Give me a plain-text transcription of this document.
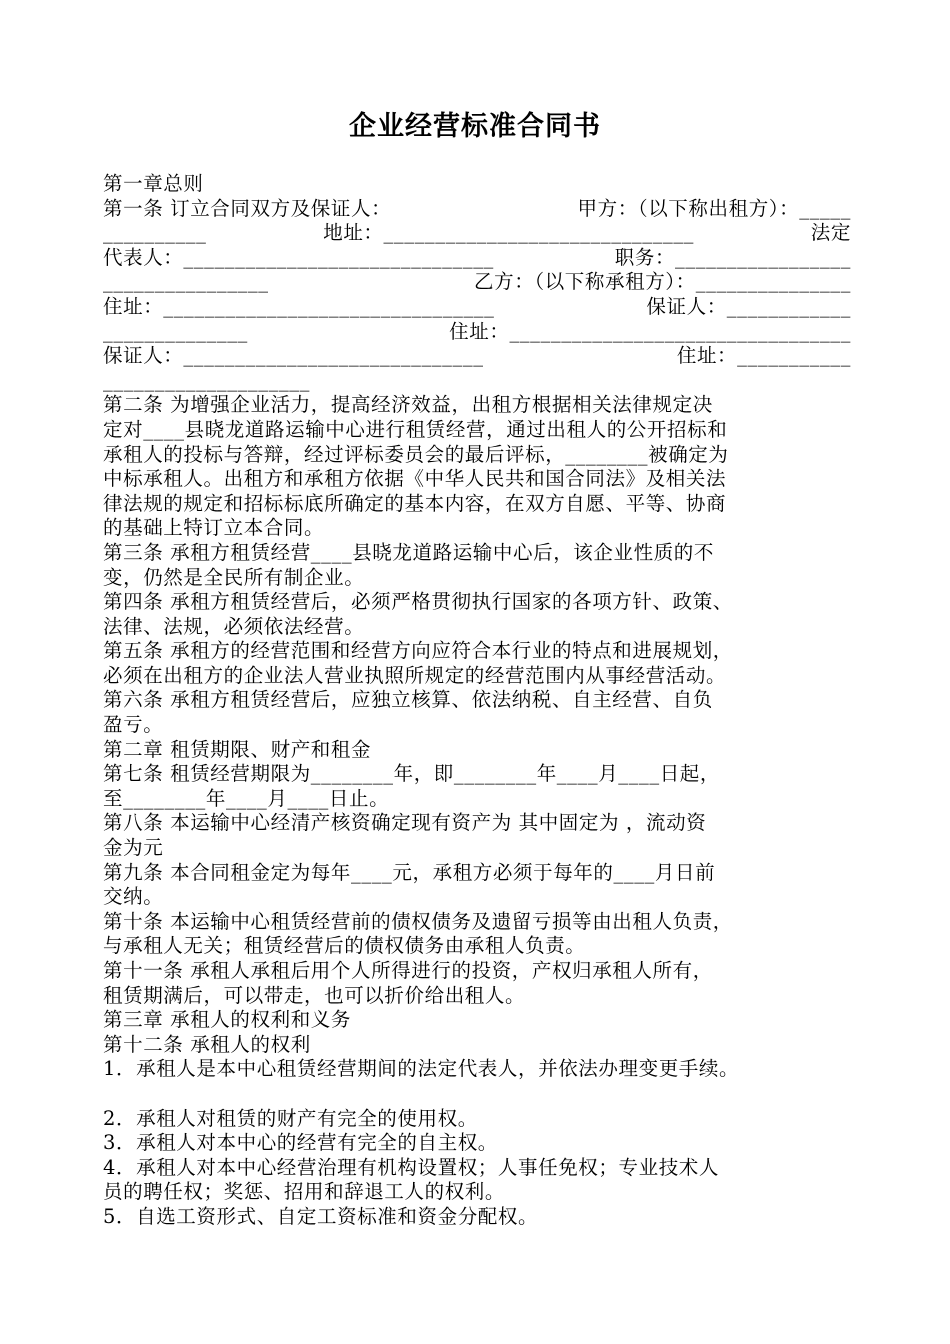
企业经营标准合同书
第一章总则
第一条 订立合同双方及保证人：	甲方：（以下称出租方）：_____
__________	地址：______________________________	法定
代表人：______________________________	职务：_________________
________________	乙方：（以下称承租方）：_______________
住址：________________________________	保证人：____________
______________	住址：_________________________________
保证人：_____________________________	住址：___________
____________________
第二条 为增强企业活力，提高经济效益，出租方根据相关法律规定决
定对____县晓龙道路运输中心进行租赁经营，通过出租人的公开招标和
承租人的投标与答辩，经过评标委员会的最后评标，________被确定为
中标承租人。出租方和承租方依据《中华人民共和国合同法》及相关法
律法规的规定和招标标底所确定的基本内容，在双方自愿、平等、协商
的基础上特订立本合同。
第三条 承租方租赁经营____县晓龙道路运输中心后，该企业性质的不
变，仍然是全民所有制企业。
第四条 承租方租赁经营后，必须严格贯彻执行国家的各项方针、政策、
法律、法规，必须依法经营。
第五条 承租方的经营范围和经营方向应符合本行业的特点和进展规划，
必须在出租方的企业法人营业执照所规定的经营范围内从事经营活动。
第六条 承租方租赁经营后，应独立核算、依法纳税、自主经营、自负
盈亏。
第二章 租赁期限、财产和租金
第七条 租赁经营期限为________年，即________年____月____日起，
至________年____月____日止。
第八条 本运输中心经清产核资确定现有资产为 其中固定为 ，流动资
金为元
第九条 本合同租金定为每年____元，承租方必须于每年的____月日前
交纳。
第十条 本运输中心租赁经营前的债权债务及遗留亏损等由出租人负责，
与承租人无关；租赁经营后的债权债务由承租人负责。
第十一条 承租人承租后用个人所得进行的投资，产权归承租人所有，
租赁期满后，可以带走，也可以折价给出租人。
第三章 承租人的权利和义务
第十二条 承租人的权利
1．承租人是本中心租赁经营期间的法定代表人，并依法办理变更手续。
2．承租人对租赁的财产有完全的使用权。
3．承租人对本中心的经营有完全的自主权。
4．承租人对本中心经营治理有机构设置权；人事任免权；专业技术人
员的聘任权；奖惩、招用和辞退工人的权利。
5．自选工资形式、自定工资标准和资金分配权。
